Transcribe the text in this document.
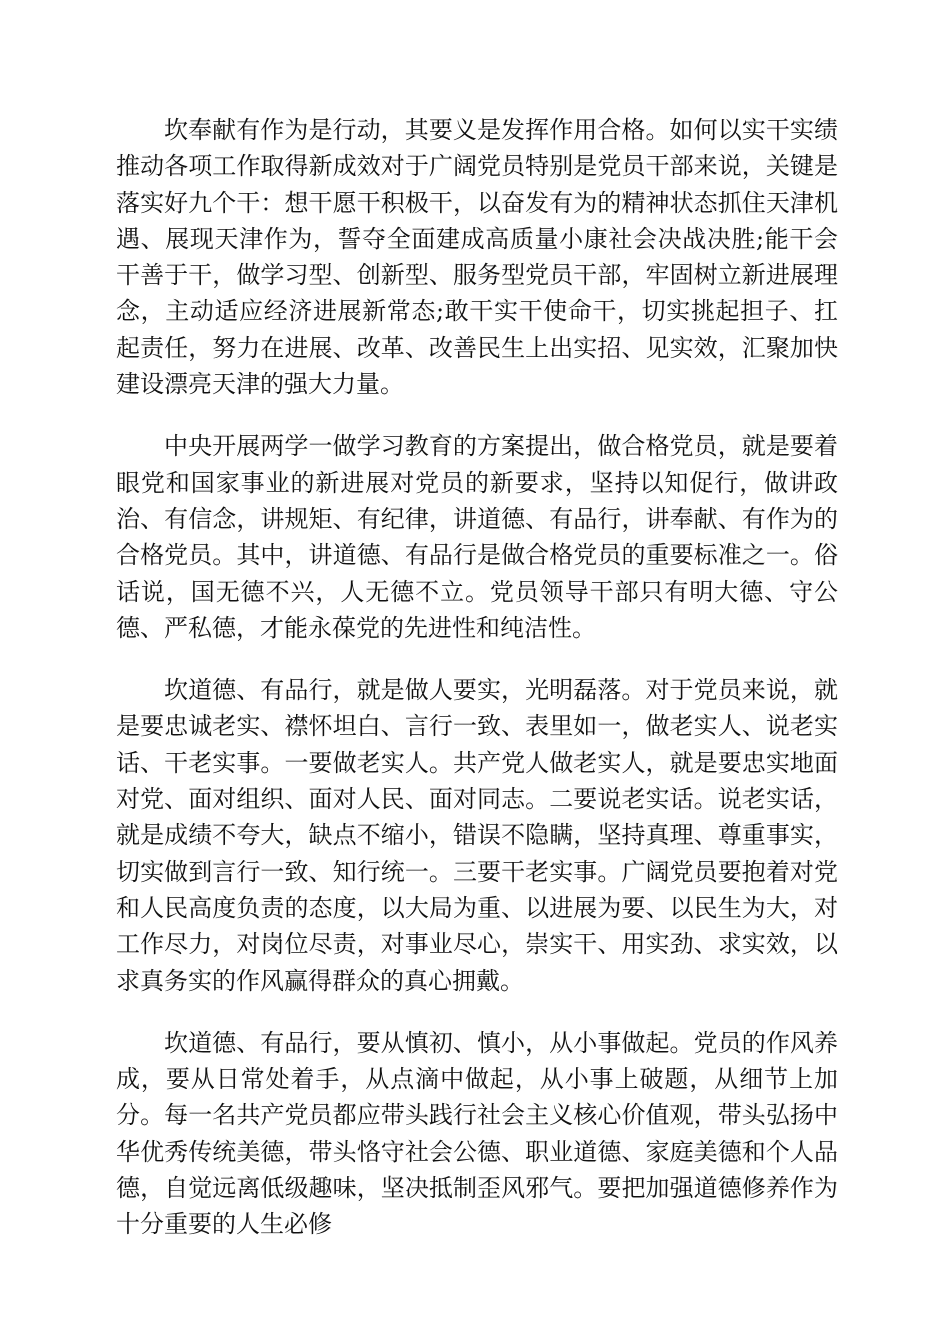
坎奉献有作为是行动，其要义是发挥作用合格。如何以实干实绩推动各项工作取得新成效对于广阔党员特别是党员干部来说，关键是落实好九个干：想干愿干积极干，以奋发有为的精神状态抓住天津机遇、展现天津作为，誓夺全面建成高质量小康社会决战决胜;能干会干善于干，做学习型、创新型、服务型党员干部，牢固树立新进展理念，主动适应经济进展新常态;敢干实干使命干，切实挑起担子、扛起责任，努力在进展、改革、改善民生上出实招、见实效，汇聚加快建设漂亮天津的强大力量。

中央开展两学一做学习教育的方案提出，做合格党员，就是要着眼党和国家事业的新进展对党员的新要求，坚持以知促行，做讲政治、有信念，讲规矩、有纪律，讲道德、有品行，讲奉献、有作为的合格党员。其中，讲道德、有品行是做合格党员的重要标准之一。俗话说，国无德不兴，人无德不立。党员领导干部只有明大德、守公德、严私德，才能永葆党的先进性和纯洁性。

坎道德、有品行，就是做人要实，光明磊落。对于党员来说，就是要忠诚老实、襟怀坦白、言行一致、表里如一，做老实人、说老实话、干老实事。一要做老实人。共产党人做老实人，就是要忠实地面对党、面对组织、面对人民、面对同志。二要说老实话。说老实话，就是成绩不夸大，缺点不缩小，错误不隐瞒，坚持真理、尊重事实，切实做到言行一致、知行统一。三要干老实事。广阔党员要抱着对党和人民高度负责的态度，以大局为重、以进展为要、以民生为大，对工作尽力，对岗位尽责，对事业尽心，崇实干、用实劲、求实效，以求真务实的作风赢得群众的真心拥戴。

坎道德、有品行，要从慎初、慎小，从小事做起。党员的作风养成，要从日常处着手，从点滴中做起，从小事上破题，从细节上加分。每一名共产党员都应带头践行社会主义核心价值观，带头弘扬中华优秀传统美德，带头恪守社会公德、职业道德、家庭美德和个人品德，自觉远离低级趣味，坚决抵制歪风邪气。要把加强道德修养作为十分重要的人生必修
